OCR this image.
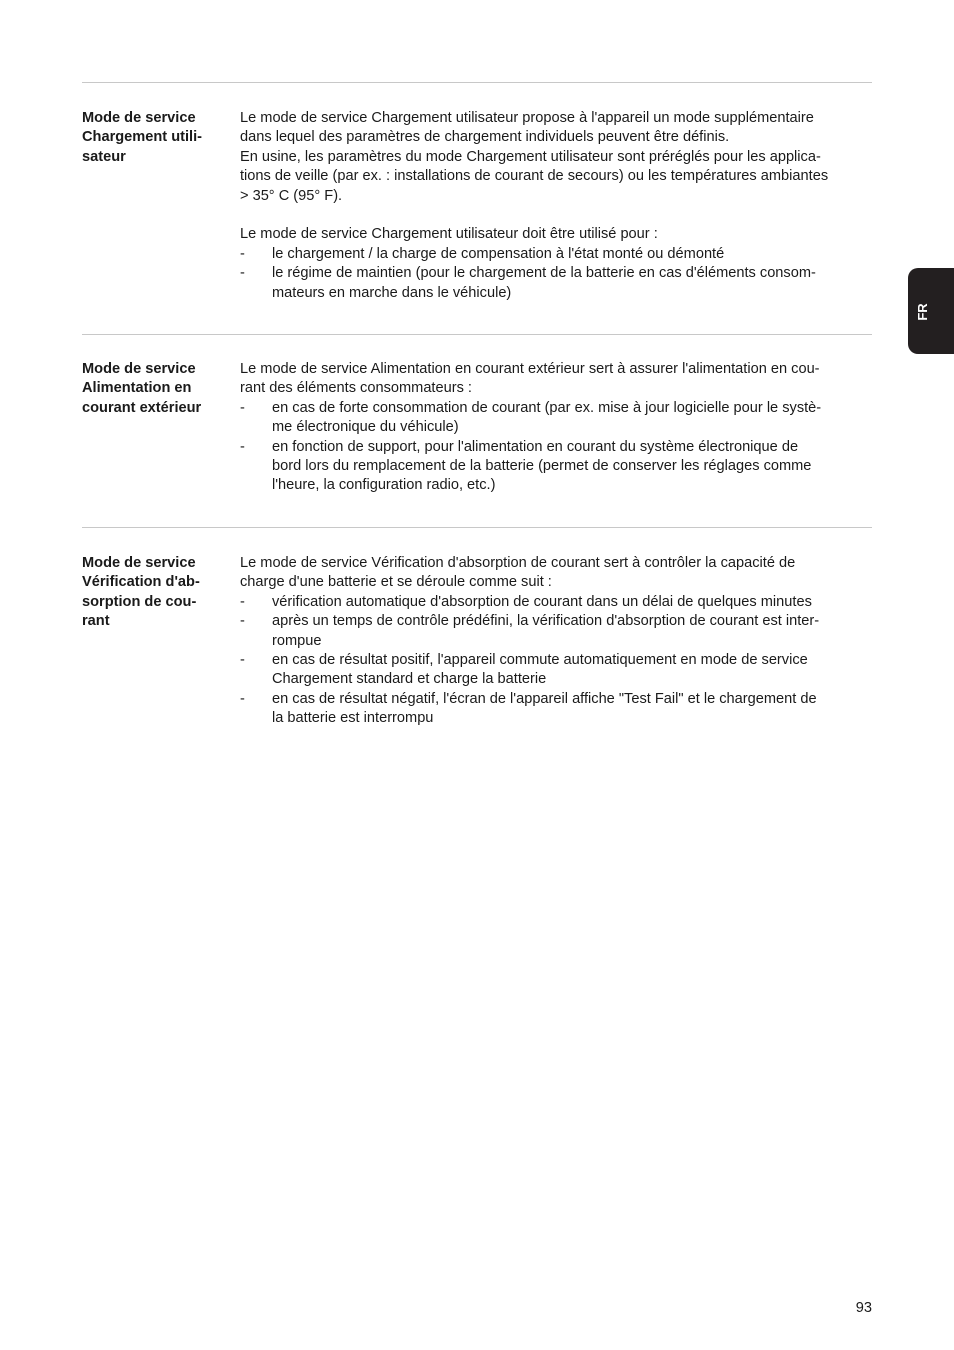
Mode de service
Chargement utili-
sateur
Le mode de service Chargement utilisateur propose à l'appareil un mode supplémentaire
dans lequel des paramètres de chargement individuels peuvent être définis.
En usine, les paramètres du mode Chargement utilisateur sont préréglés pour les applica-
tions de veille (par ex. : installations de courant de secours) ou les températures ambiantes
> 35° C (95° F).
Le mode de service Chargement utilisateur doit être utilisé pour :
- le chargement / la charge de compensation à l'état monté ou démonté
- le régime de maintien (pour le chargement de la batterie en cas d'éléments consom-
mateurs en marche dans le véhicule)
Mode de service
Alimentation en
courant extérieur
Le mode de service Alimentation en courant extérieur sert à assurer l'alimentation en cou-
rant des éléments consommateurs :
- en cas de forte consommation de courant (par ex. mise à jour logicielle pour le systè-
me électronique du véhicule)
- en fonction de support, pour l'alimentation en courant du système électronique de
bord lors du remplacement de la batterie (permet de conserver les réglages comme
l'heure, la configuration radio, etc.)
Mode de service
Vérification d'ab-
sorption de cou-
rant
Le mode de service Vérification d'absorption de courant sert à contrôler la capacité de
charge d'une batterie et se déroule comme suit :
- vérification automatique d'absorption de courant dans un délai de quelques minutes
- après un temps de contrôle prédéfini, la vérification d'absorption de courant est inter-
rompue
- en cas de résultat positif, l'appareil commute automatiquement en mode de service
Chargement standard et charge la batterie
- en cas de résultat négatif, l'écran de l'appareil affiche "Test Fail" et le chargement de
la batterie est interrompu
FR
93
